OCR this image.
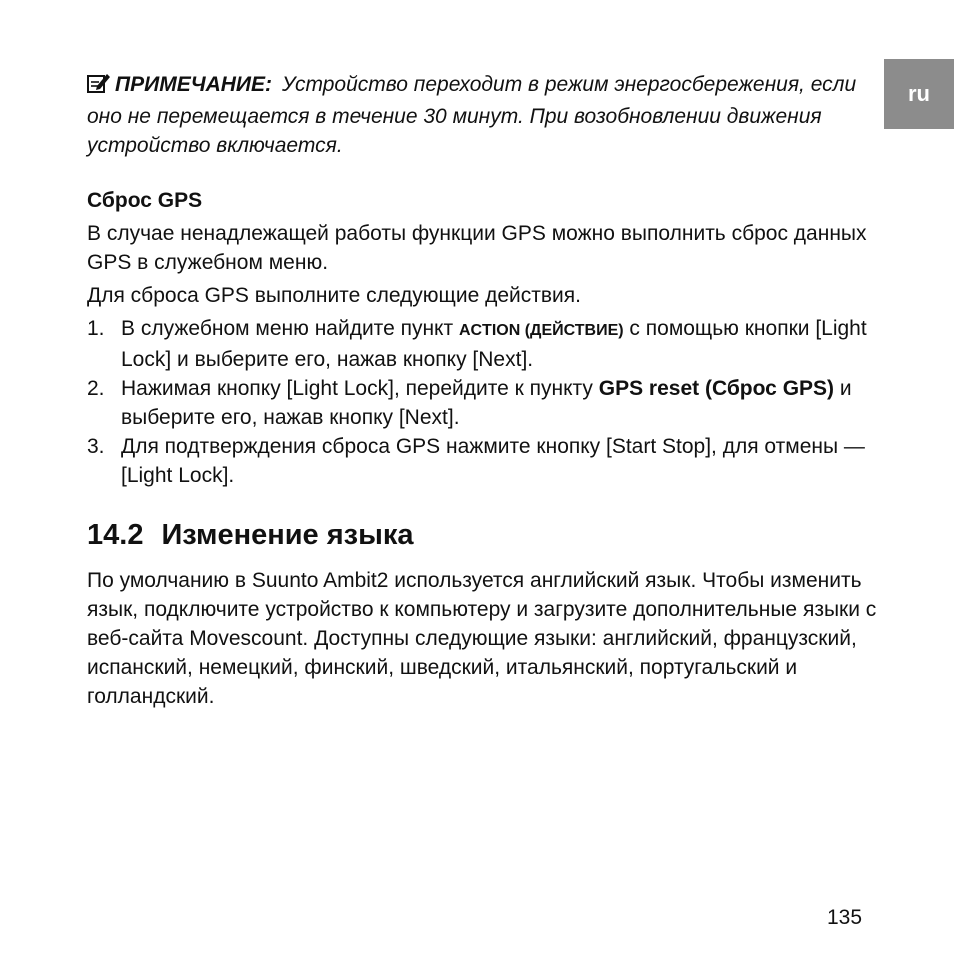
ru
ПРИМЕЧАНИЕ: Устройство переходит в режим энергосбережения, если оно не перемещается в течение 30 минут. При возобновлении движения устройство включается.
Сброс GPS

В случае ненадлежащей работы функции GPS можно выполнить сброс данных GPS в служебном меню.

Для сброса GPS выполните следующие действия.

1. В служебном меню найдите пункт ACTION (ДЕЙСТВИЕ) с помощью кнопки [Light Lock] и выберите его, нажав кнопку [Next].
2. Нажимая кнопку [Light Lock], перейдите к пункту GPS reset (Сброс GPS) и выберите его, нажав кнопку [Next].
3. Для подтверждения сброса GPS нажмите кнопку [Start Stop], для отмены — [Light Lock].
14.2 Изменение языка

По умолчанию в Suunto Ambit2 используется английский язык. Чтобы изменить язык, подключите устройство к компьютеру и загрузите дополнительные языки с веб-сайта Movescount. Доступны следующие языки: английский, французский, испанский, немецкий, финский, шведский, итальянский, португальский и голландский.

135
